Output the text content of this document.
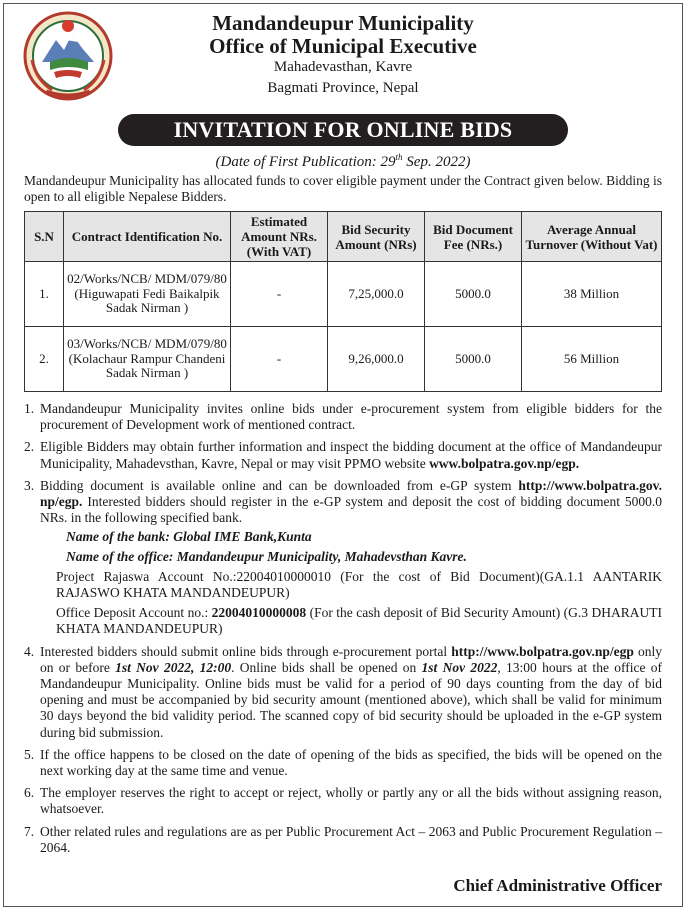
Mandandeupur Municipality
Office of Municipal Executive
Mahadevasthan, Kavre
Bagmati Province, Nepal
INVITATION FOR ONLINE BIDS
(Date of First Publication: 29th Sep. 2022)
Mandandeupur Municipality has allocated funds to cover eligible payment under the Contract given below. Bidding is open to all eligible Nepalese Bidders.
S.N	Contract Identification No.	Estimated Amount NRs. (With VAT)	Bid Security Amount (NRs)	Bid Document Fee (NRs.)	Average Annual Turnover (Without Vat)
1.	02/Works/NCB/ MDM/079/80 (Higuwapati Fedi Baikalpik Sadak Nirman )	-	7,25,000.0	5000.0	38 Million
2.	03/Works/NCB/ MDM/079/80 (Kolachaur Rampur Chandeni Sadak Nirman )	-	9,26,000.0	5000.0	56 Million
1. Mandandeupur Municipality invites online bids under e-procurement system from eligible bidders for the procurement of Development work of mentioned contract.
2. Eligible Bidders may obtain further information and inspect the bidding document at the office of Mandandeupur Municipality, Mahadevsthan, Kavre, Nepal or may visit PPMO website www.bolpatra.gov.np/egp.
3. Bidding document is available online and can be downloaded from e-GP system http://www.bolpatra.gov. np/egp. Interested bidders should register in the e-GP system and deposit the cost of bidding document 5000.0 NRs. in the following specified bank.
Name of the bank: Global IME Bank,Kunta
Name of the office: Mandandeupur Municipality, Mahadevsthan Kavre.
Project Rajaswa Account No.:22004010000010 (For the cost of Bid Document)(GA.1.1 AANTARIK RAJASWO KHATA MANDANDEUPUR)
Office Deposit Account no.: 22004010000008 (For the cash deposit of Bid Security Amount) (G.3 DHARAUTI KHATA MANDANDEUPUR)
4. Interested bidders should submit online bids through e-procurement portal http://www.bolpatra.gov.np/egp only on or before 1st Nov 2022, 12:00. Online bids shall be opened on 1st Nov 2022, 13:00 hours at the office of Mandandeupur Municipality. Online bids must be valid for a period of 90 days counting from the day of bid opening and must be accompanied by bid security amount (mentioned above), which shall be valid for minimum 30 days beyond the bid validity period. The scanned copy of bid security should be uploaded in the e-GP system during bid submission.
5. If the office happens to be closed on the date of opening of the bids as specified, the bids will be opened on the next working day at the same time and venue.
6. The employer reserves the right to accept or reject, wholly or partly any or all the bids without assigning reason, whatsoever.
7. Other related rules and regulations are as per Public Procurement Act – 2063 and Public Procurement Regulation – 2064.
Chief Administrative Officer
